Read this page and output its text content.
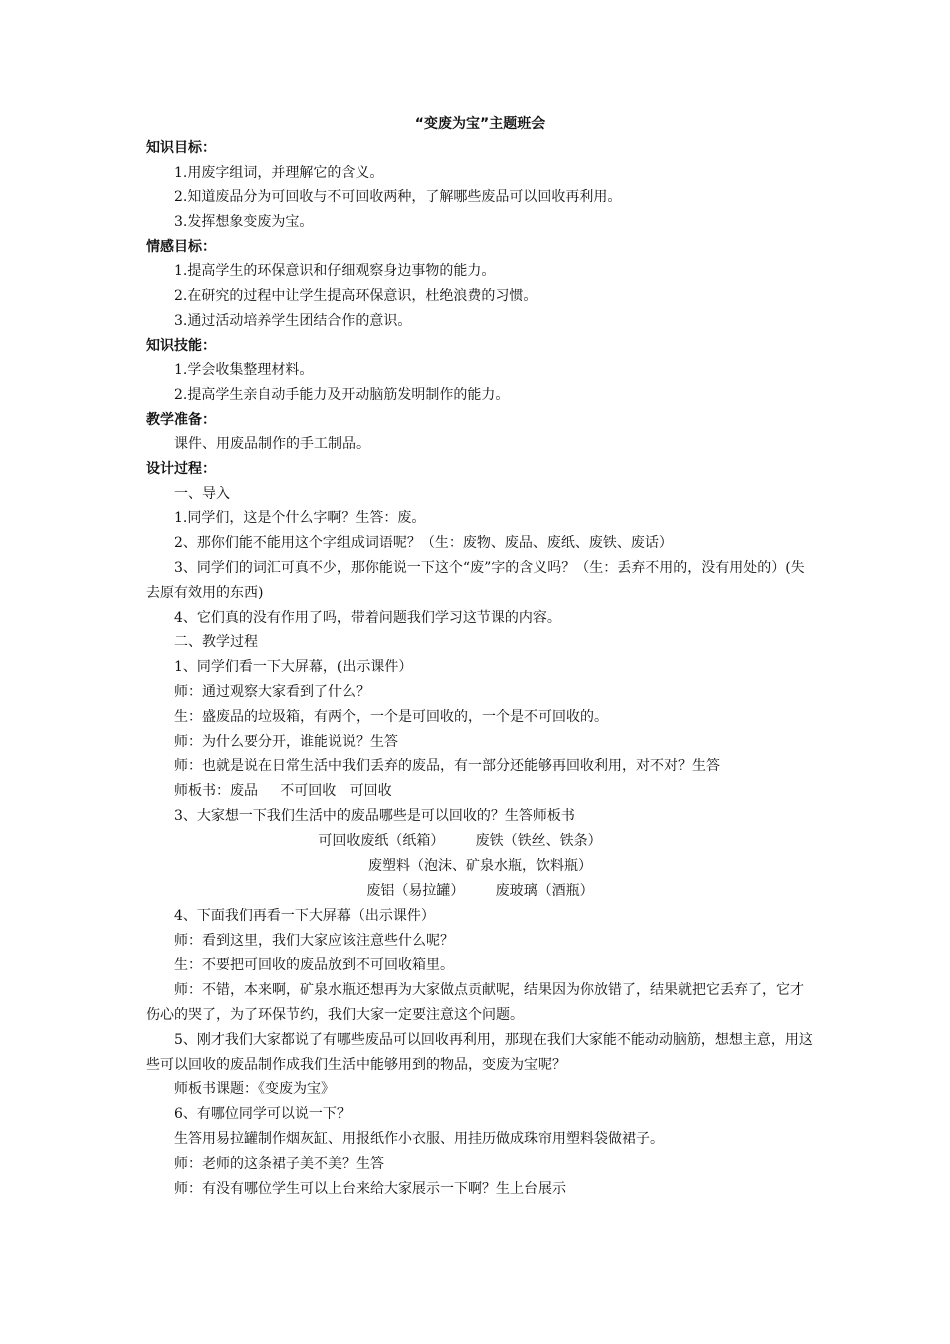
“变废为宝”主题班会
知识目标：
1.用废字组词，并理解它的含义。
2.知道废品分为可回收与不可回收两种，了解哪些废品可以回收再利用。
3.发挥想象变废为宝。
情感目标：
1.提高学生的环保意识和仔细观察身边事物的能力。
2.在研究的过程中让学生提高环保意识，杜绝浪费的习惯。
3.通过活动培养学生团结合作的意识。
知识技能：
1.学会收集整理材料。
2.提高学生亲自动手能力及开动脑筋发明制作的能力。
教学准备：
课件、用废品制作的手工制品。
设计过程：
一、导入
1.同学们，这是个什么字啊？生答：废。
2、那你们能不能用这个字组成词语呢？（生：废物、废品、废纸、废铁、废话）
3、同学们的词汇可真不少，那你能说一下这个“废”字的含义吗？（生：丢弃不用的，没有用处的）(失去原有效用的东西)
4、它们真的没有作用了吗，带着问题我们学习这节课的内容。
二、教学过程
1、同学们看一下大屏幕，(出示课件）
师：通过观察大家看到了什么？
生：盛废品的垃圾箱，有两个，一个是可回收的，一个是不可回收的。
师：为什么要分开，谁能说说？生答
师：也就是说在日常生活中我们丢弃的废品，有一部分还能够再回收利用，对不对？生答
师板书：废品     不可回收   可回收
3、大家想一下我们生活中的废品哪些是可以回收的？生答师板书
可回收废纸（纸箱）       废铁（铁丝、铁条）
废塑料（泡沫、矿泉水瓶，饮料瓶）
废铝（易拉罐）       废玻璃（酒瓶）
4、下面我们再看一下大屏幕（出示课件）
师：看到这里，我们大家应该注意些什么呢？
生：不要把可回收的废品放到不可回收箱里。
师：不错，本来啊，矿泉水瓶还想再为大家做点贡献呢，结果因为你放错了，结果就把它丢弃了，它才伤心的哭了，为了环保节约，我们大家一定要注意这个问题。
5、刚才我们大家都说了有哪些废品可以回收再利用，那现在我们大家能不能动动脑筋，想想主意，用这些可以回收的废品制作成我们生活中能够用到的物品，变废为宝呢？
师板书课题：《变废为宝》
6、有哪位同学可以说一下？
生答用易拉罐制作烟灰缸、用报纸作小衣服、用挂历做成珠帘用塑料袋做裙子。
师：老师的这条裙子美不美？生答
师：有没有哪位学生可以上台来给大家展示一下啊？生上台展示
